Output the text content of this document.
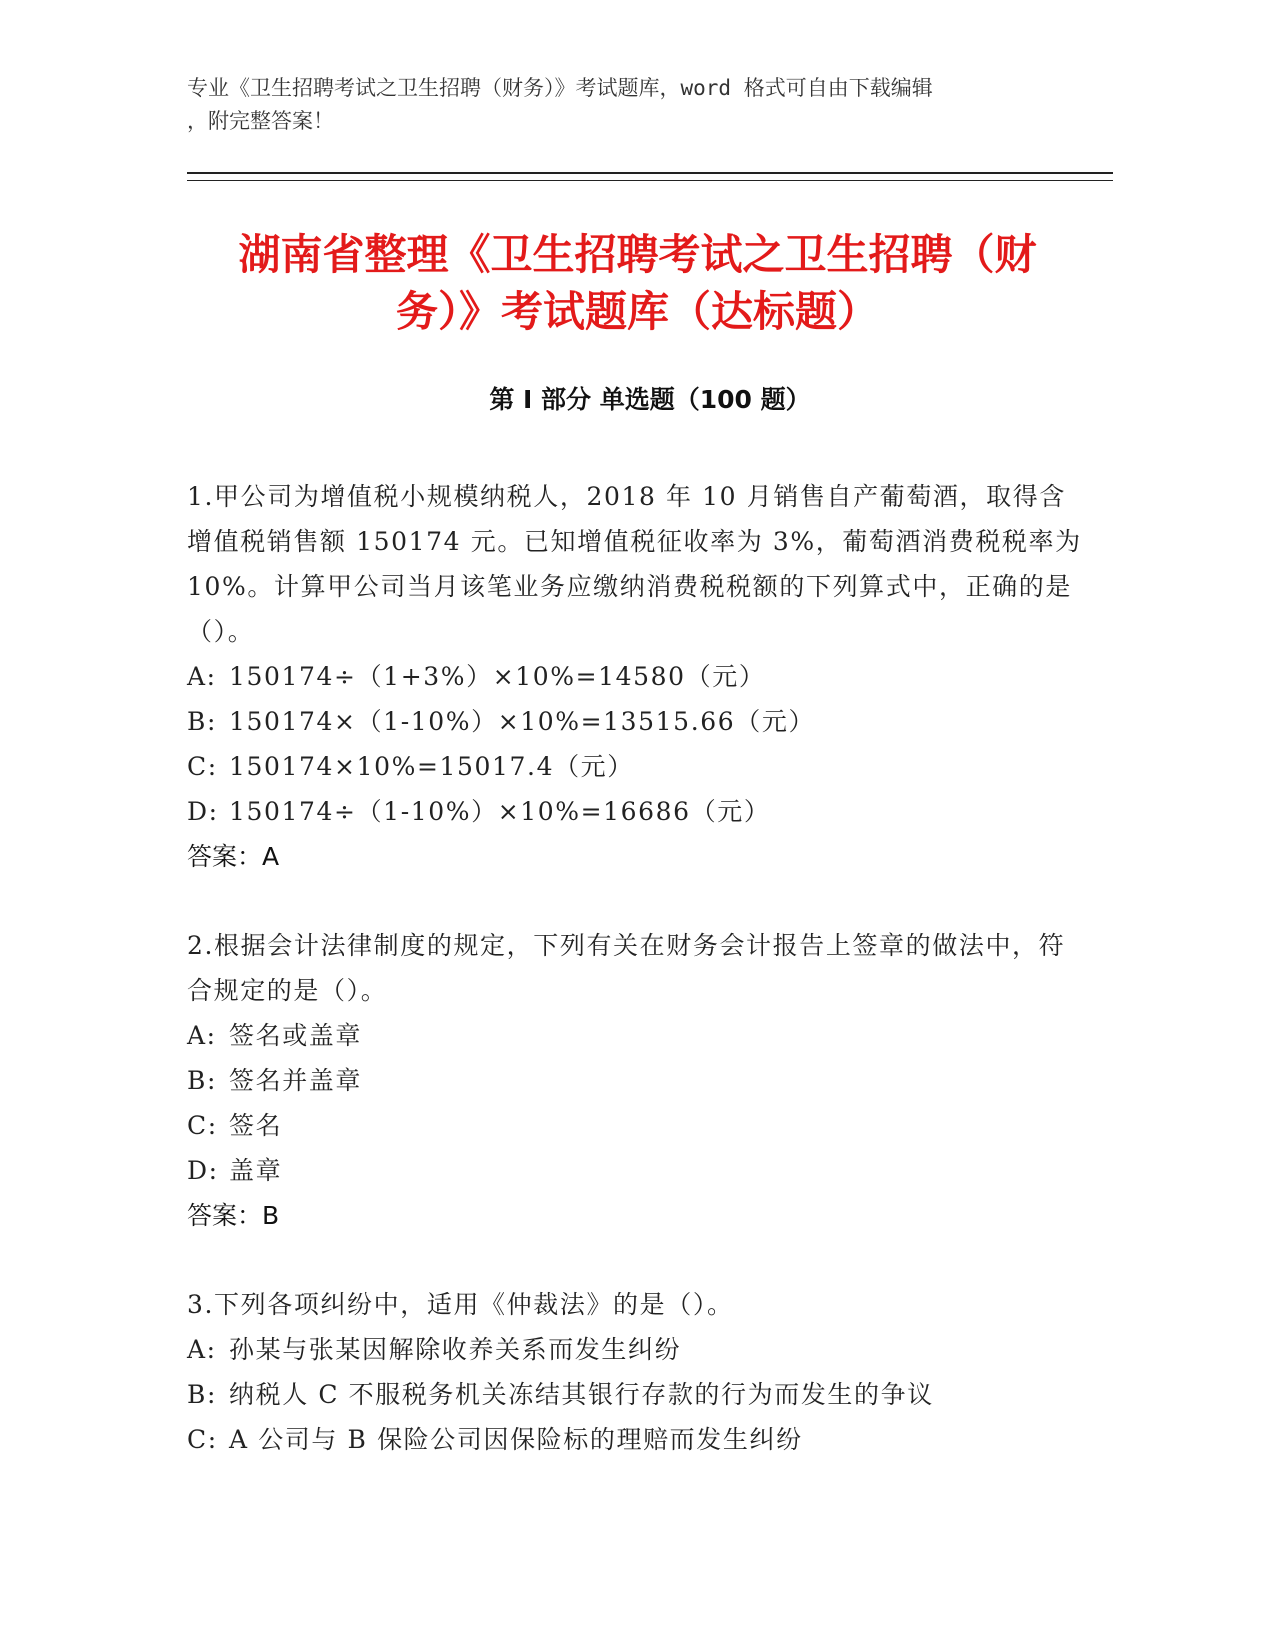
专业《卫生招聘考试之卫生招聘（财务）》考试题库，word 格式可自由下载编辑
，附完整答案！

湖南省整理《卫生招聘考试之卫生招聘（财
务）》考试题库（达标题）
第 I 部分 单选题（100 题）

1.甲公司为增值税小规模纳税人，2018 年 10 月销售自产葡萄酒，取得含增值税销售额 150174 元。已知增值税征收率为 3%，葡萄酒消费税税率为 10%。计算甲公司当月该笔业务应缴纳消费税税额的下列算式中，正确的是（）。

A: 150174÷（1+3%）×10%=14580（元）
B: 150174×（1-10%）×10%=13515.66（元）
C: 150174×10%=15017.4（元）
D: 150174÷（1-10%）×10%=16686（元）

答案：A

2.根据会计法律制度的规定，下列有关在财务会计报告上签章的做法中，符合规定的是（）。

A: 签名或盖章
B: 签名并盖章
C: 签名
D: 盖章

答案：B

3.下列各项纠纷中，适用《仲裁法》的是（）。

A: 孙某与张某因解除收养关系而发生纠纷
B: 纳税人 C 不服税务机关冻结其银行存款的行为而发生的争议
C: A 公司与 B 保险公司因保险标的理赔而发生纠纷
